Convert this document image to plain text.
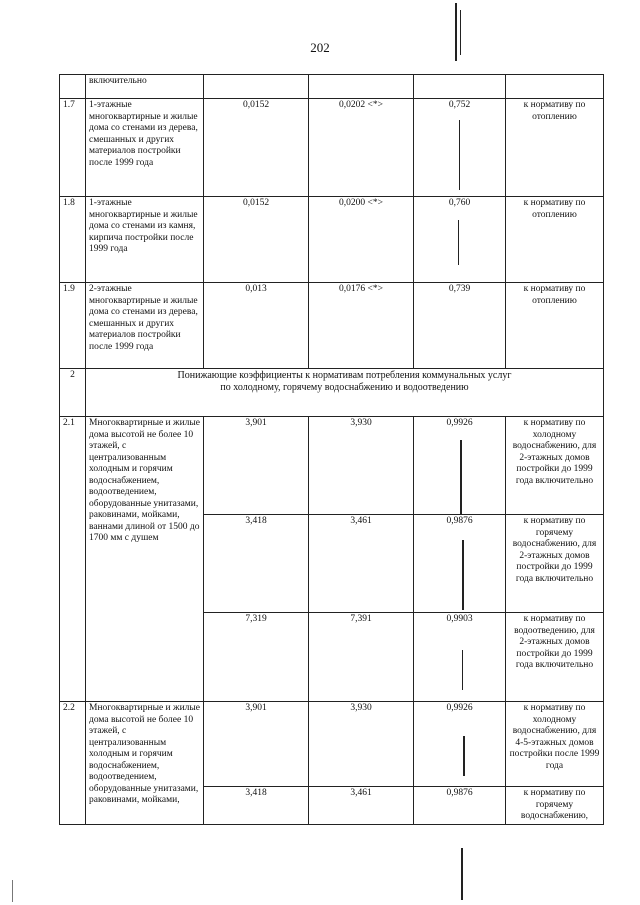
202
	включительно				
1.7	1-этажные многоквартирные и жилые дома со стенами из дерева, смешанных и других материалов постройки после 1999 года	0,0152	0,0202 <*>	0,752	к нормативу по отоплению
1.8	1-этажные многоквартирные и жилые дома со стенами из камня, кирпича постройки после 1999 года	0,0152	0,0200 <*>	0,760	к нормативу по отоплению
1.9	2-этажные многоквартирные и жилые дома со стенами из дерева, смешанных и других материалов постройки после 1999 года	0,013	0,0176 <*>	0,739	к нормативу по отоплению
2	Понижающие коэффициенты к нормативам потребления коммунальных услуг
по холодному, горячему водоснабжению и водоотведению				
2.1	Многоквартирные и жилые дома высотой не более 10 этажей, с централизованным холодным и горячим водоснабжением, водоотведением, оборудованные унитазами, раковинами, мойками, ваннами длиной от 1500 до 1700 мм с душем	3,901	3,930	0,9926	к нормативу по холодному водоснабжению, для 2-этажных домов постройки до 1999 года включительно
		3,418	3,461	0,9876	к нормативу по горячему водоснабжению, для 2-этажных домов постройки до 1999 года включительно
		7,319	7,391	0,9903	к нормативу по водоотведению, для 2-этажных домов постройки до 1999 года включительно
2.2	Многоквартирные и жилые дома высотой не более 10 этажей, с централизованным холодным и горячим водоснабжением, водоотведением, оборудованные унитазами, раковинами, мойками,	3,901	3,930	0,9926	к нормативу по холодному водоснабжению, для 4-5-этажных домов постройки после 1999 года
		3,418	3,461	0,9876	к нормативу по горячему водоснабжению,
